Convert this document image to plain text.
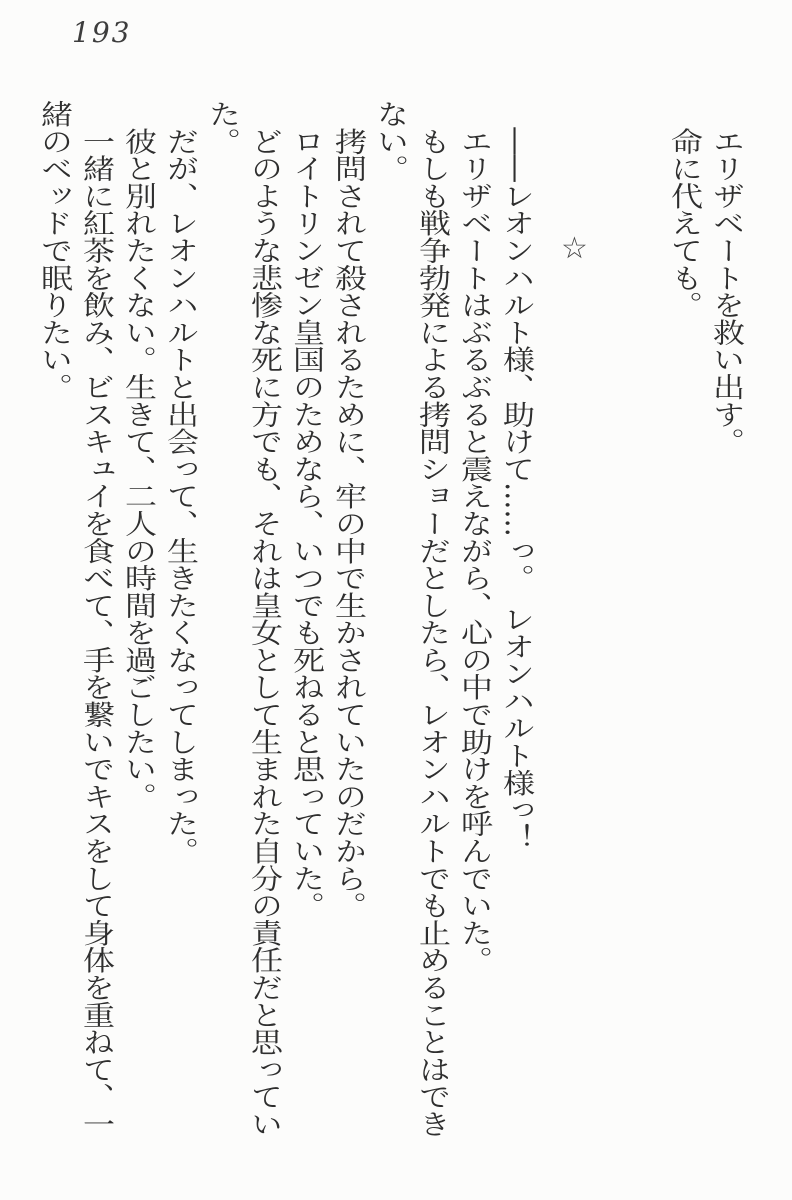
193
☆	　エリザベートを救い出す。
　命に代えても。

　――レオンハルト様、助けて……っ。　レオンハルト様っ！
　エリザベートはぶるぶると震えながら、心の中で助けを呼んでいた。
　もしも戦争勃発による拷問ショーだとしたら、レオンハルトでも止めることはでき
ない。
　拷問されて殺されるために、牢の中で生かされていたのだから。
　ロイトリンゼン皇国のためなら、いつでも死ねると思っていた。
　どのような悲惨な死に方でも、それは皇女として生まれた自分の責任だと思ってい
た。
　だが、レオンハルトと出会って、生きたくなってしまった。
　彼と別れたくない。生きて、二人の時間を過ごしたい。
　一緒に紅茶を飲み、ビスキュイを食べて、手を繋いでキスをして身体を重ねて、一
緒のベッドで眠りたい。
